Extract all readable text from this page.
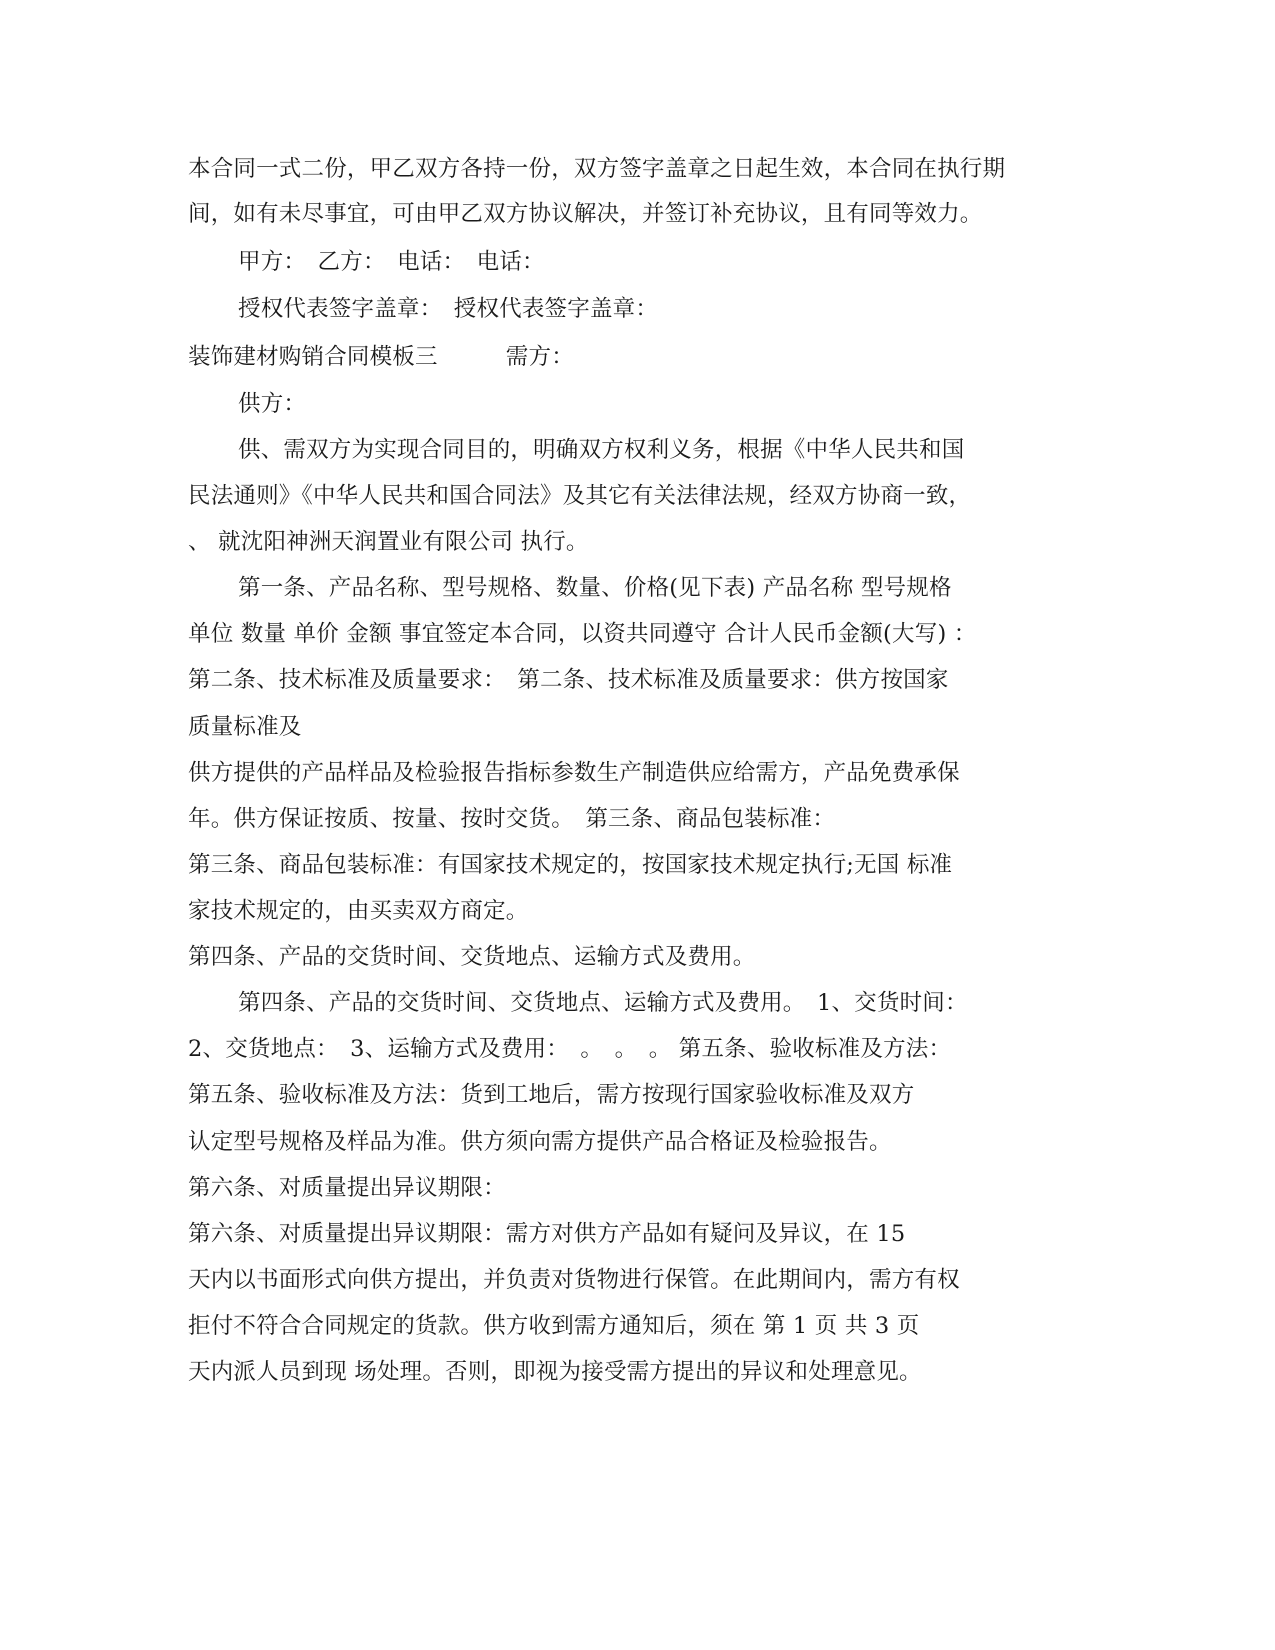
本合同一式二份，甲乙双方各持一份，双方签字盖章之日起生效，本合同在执行期
间，如有未尽事宜，可由甲乙双方协议解决，并签订补充协议，且有同等效力。
甲方：　乙方：　电话：　电话：
授权代表签字盖章：　授权代表签字盖章：
装饰建材购销合同模板三　　　需方：
供方：
供、需双方为实现合同目的，明确双方权利义务，根据《中华人民共和国
民法通则》《中华人民共和国合同法》及其它有关法律法规，经双方协商一致，
、 就沈阳神洲天润置业有限公司 执行。
第一条、产品名称、型号规格、数量、价格(见下表) 产品名称 型号规格
单位 数量 单价 金额 事宜签定本合同，以资共同遵守 合计人民币金额(大写) ：
第二条、技术标准及质量要求：　第二条、技术标准及质量要求：供方按国家
质量标准及
供方提供的产品样品及检验报告指标参数生产制造供应给需方，产品免费承保
年。供方保证按质、按量、按时交货。　第三条、商品包装标准：
第三条、商品包装标准：有国家技术规定的，按国家技术规定执行;无国 标准
家技术规定的，由买卖双方商定。
第四条、产品的交货时间、交货地点、运输方式及费用。
第四条、产品的交货时间、交货地点、运输方式及费用。　1、交货时间：
2、交货地点：　3、运输方式及费用：　。　。　。 第五条、验收标准及方法：
第五条、验收标准及方法：货到工地后，需方按现行国家验收标准及双方
认定型号规格及样品为准。供方须向需方提供产品合格证及检验报告。
第六条、对质量提出异议期限：
第六条、对质量提出异议期限：需方对供方产品如有疑问及异议，在 15
天内以书面形式向供方提出，并负责对货物进行保管。在此期间内，需方有权
拒付不符合合同规定的货款。供方收到需方通知后，须在 第 1 页 共 3 页
天内派人员到现 场处理。否则，即视为接受需方提出的异议和处理意见。
